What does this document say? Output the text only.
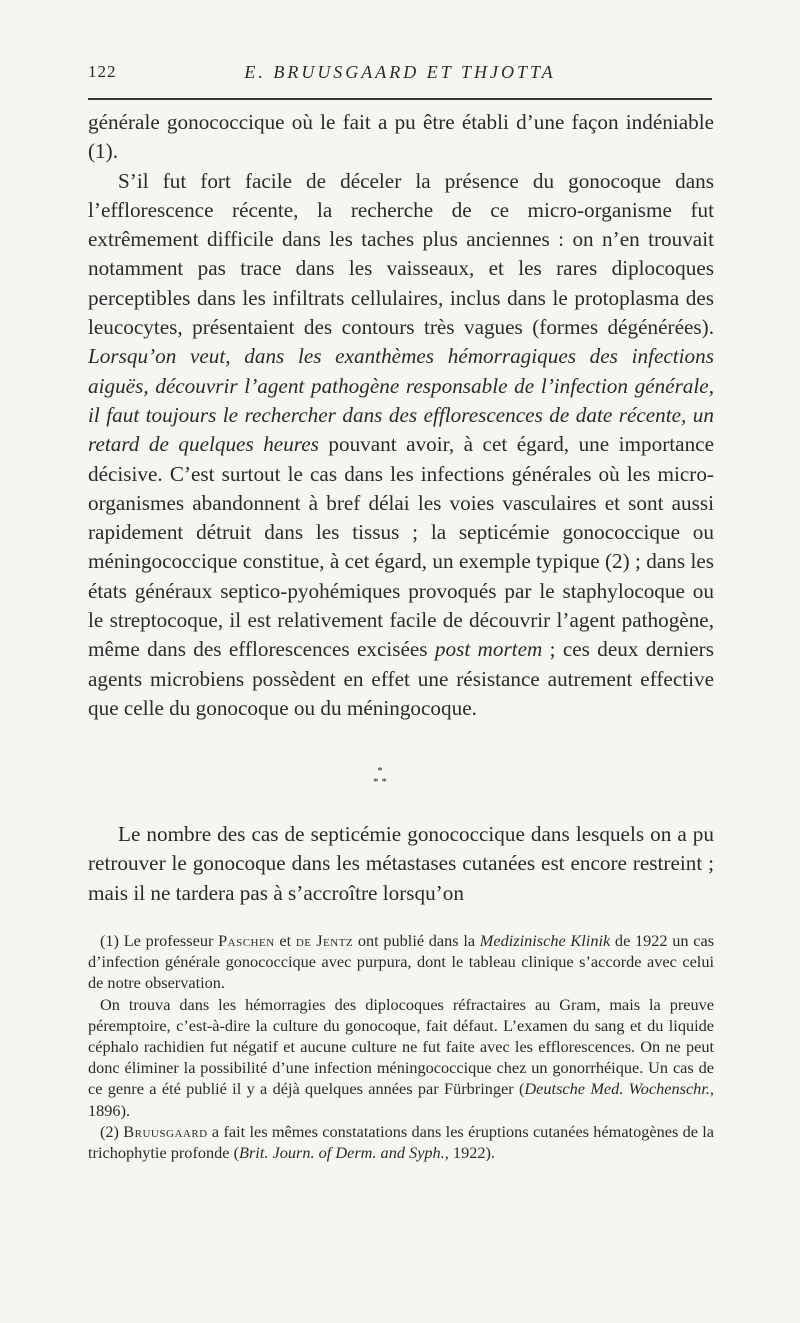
122	E. BRUUSGAARD ET THJOTTA

générale gonococcique où le fait a pu être établi d’une façon indéniable (1).

S’il fut fort facile de déceler la présence du gonocoque dans l’efflorescence récente, la recherche de ce micro-organisme fut extrêmement difficile dans les taches plus anciennes : on n’en trouvait notamment pas trace dans les vaisseaux, et les rares diplocoques perceptibles dans les infiltrats cellulaires, inclus dans le protoplasma des leucocytes, présentaient des contours très vagues (formes dégénérées). Lorsqu’on veut, dans les exanthèmes hémorragiques des infections aiguës, découvrir l’agent pathogène responsable de l’infection générale, il faut toujours le rechercher dans des efflorescences de date récente, un retard de quelques heures pouvant avoir, à cet égard, une importance décisive. C’est surtout le cas dans les infections générales où les micro-organismes abandonnent à bref délai les voies vasculaires et sont aussi rapidement détruit dans les tissus ; la septicémie gonococcique ou méningococcique constitue, à cet égard, un exemple typique (2) ; dans les états généraux septico-pyohémiques provoqués par le staphylocoque ou le streptocoque, il est relativement facile de découvrir l’agent pathogène, même dans des efflorescences excisées post mortem ; ces deux derniers agents microbiens possèdent en effet une résistance autrement effective que celle du gonocoque ou du méningocoque.

*
* *

Le nombre des cas de septicémie gonococcique dans lesquels on a pu retrouver le gonocoque dans les métastases cutanées est encore restreint ; mais il ne tardera pas à s’accroître lorsqu’on

(1) Le professeur Paschen et de Jentz ont publié dans la Medizinische Klinik de 1922 un cas d’infection générale gonococcique avec purpura, dont le tableau clinique s’accorde avec celui de notre observation.

On trouva dans les hémorragies des diplocoques réfractaires au Gram, mais la preuve péremptoire, c’est-à-dire la culture du gonocoque, fait défaut. L’examen du sang et du liquide céphalo rachidien fut négatif et aucune culture ne fut faite avec les efflorescences. On ne peut donc éliminer la possibilité d’une infection méningococcique chez un gonorrhéique. Un cas de ce genre a été publié il y a déjà quelques années par Fürbringer (Deutsche Med. Wochenschr., 1896).

(2) Bruusgaard a fait les mêmes constatations dans les éruptions cutanées hématogènes de la trichophytie profonde (Brit. Journ. of Derm. and Syph., 1922).
